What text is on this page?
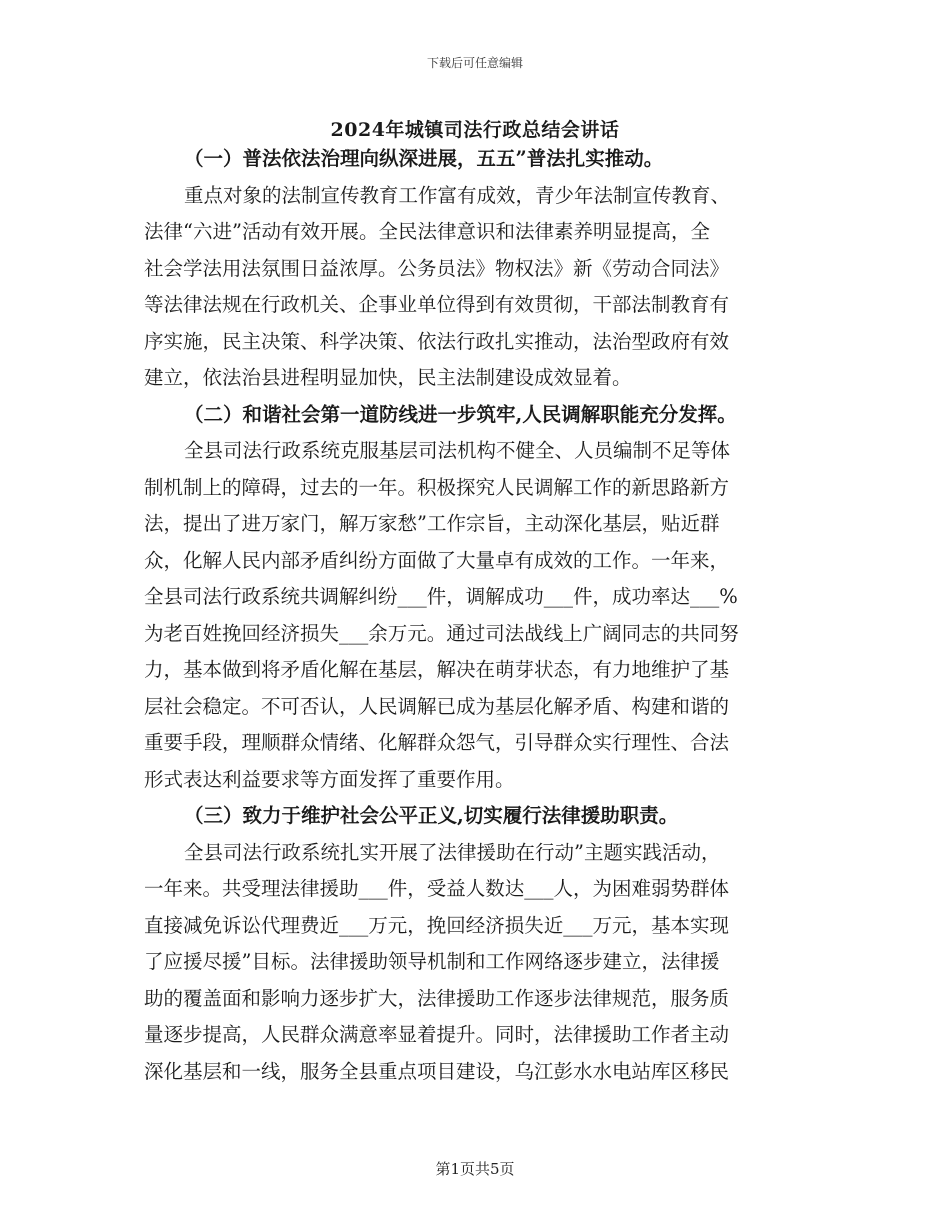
下载后可任意编辑
2024年城镇司法行政总结会讲话
（一）普法依法治理向纵深进展，五五”普法扎实推动。
重点对象的法制宣传教育工作富有成效，青少年法制宣传教育、
法律“六进”活动有效开展。全民法律意识和法律素养明显提高，全
社会学法用法氛围日益浓厚。公务员法》物权法》新《劳动合同法》
等法律法规在行政机关、企事业单位得到有效贯彻，干部法制教育有
序实施，民主决策、科学决策、依法行政扎实推动，法治型政府有效
建立，依法治县进程明显加快，民主法制建设成效显着。
（二）和谐社会第一道防线进一步筑牢,人民调解职能充分发挥。
全县司法行政系统克服基层司法机构不健全、人员编制不足等体
制机制上的障碍，过去的一年。积极探究人民调解工作的新思路新方
法，提出了进万家门，解万家愁”工作宗旨，主动深化基层，贴近群
众，化解人民内部矛盾纠纷方面做了大量卓有成效的工作。一年来，
全县司法行政系统共调解纠纷___件，调解成功___件，成功率达___%
为老百姓挽回经济损失___余万元。通过司法战线上广阔同志的共同努
力，基本做到将矛盾化解在基层，解决在萌芽状态，有力地维护了基
层社会稳定。不可否认，人民调解已成为基层化解矛盾、构建和谐的
重要手段，理顺群众情绪、化解群众怨气，引导群众实行理性、合法
形式表达利益要求等方面发挥了重要作用。
（三）致力于维护社会公平正义,切实履行法律援助职责。
全县司法行政系统扎实开展了法律援助在行动”主题实践活动，
一年来。共受理法律援助___件，受益人数达___人，为困难弱势群体
直接减免诉讼代理费近___万元，挽回经济损失近___万元，基本实现
了应援尽援”目标。法律援助领导机制和工作网络逐步建立，法律援
助的覆盖面和影响力逐步扩大，法律援助工作逐步法律规范，服务质
量逐步提高，人民群众满意率显着提升。同时，法律援助工作者主动
深化基层和一线，服务全县重点项目建设，乌江彭水水电站库区移民
第1页共5页
